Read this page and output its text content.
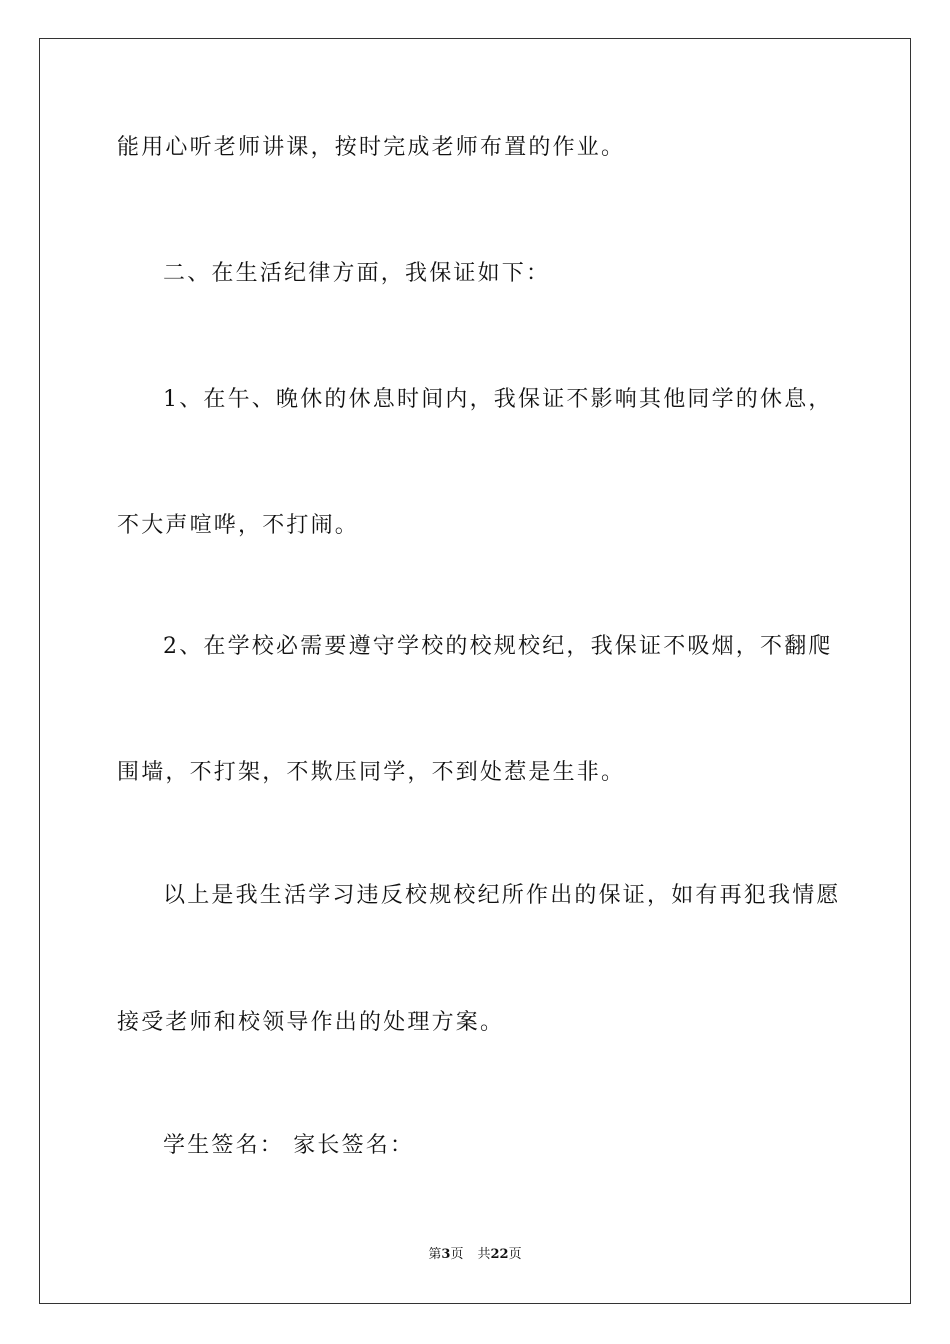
能用心听老师讲课，按时完成老师布置的作业。

二、在生活纪律方面，我保证如下：

1、在午、晚休的休息时间内，我保证不影响其他同学的休息，

不大声喧哗，不打闹。

2、在学校必需要遵守学校的校规校纪，我保证不吸烟，不翻爬

围墙，不打架，不欺压同学，不到处惹是生非。

以上是我生活学习违反校规校纪所作出的保证，如有再犯我情愿

接受老师和校领导作出的处理方案。

学生签名： 家长签名：

第3页 共22页
